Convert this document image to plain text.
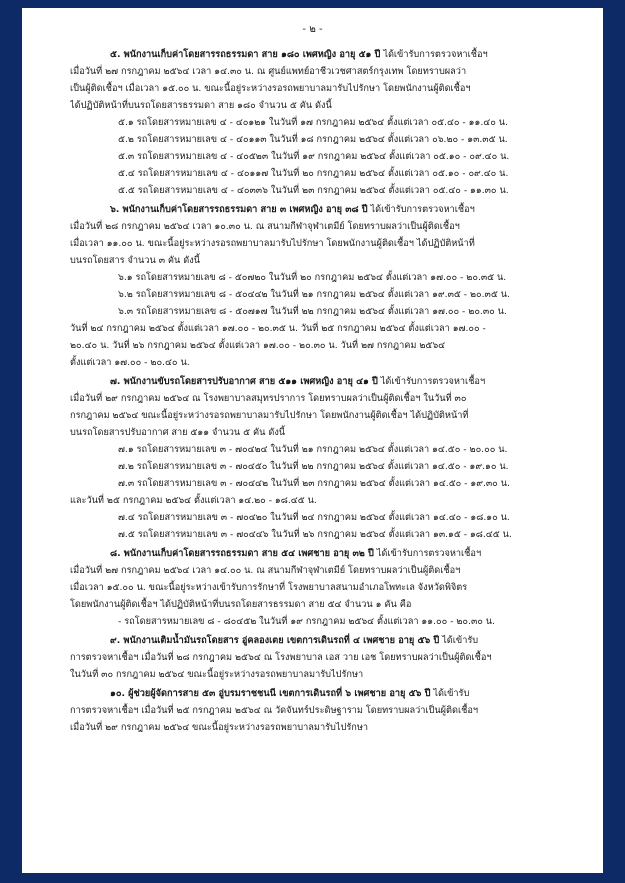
- ๒ -
๕. พนักงานเก็บค่าโดยสารรถธรรมดา สาย ๑๘๐ เพศหญิง อายุ ๕๑ ปี ได้เข้ารับการตรวจหาเชื้อฯ
เมื่อวันที่ ๒๗ กรกฎาคม ๒๕๖๔ เวลา ๑๔.๓๐ น. ณ ศูนย์แพทย์อาชีวเวชศาสตร์กรุงเทพ โดยทราบผลว่า
เป็นผู้ติดเชื้อฯ เมื่อเวลา ๑๕.๐๐ น. ขณะนี้อยู่ระหว่างรอรถพยาบาลมารับไปรักษา โดยพนักงานผู้ติดเชื้อฯ
ได้ปฏิบัติหน้าที่บนรถโดยสารธรรมดา สาย ๑๘๐ จำนวน ๕ คัน ดังนี้
๕.๑ รถโดยสารหมายเลข ๔ - ๔๐๑๒๑ ในวันที่ ๑๗ กรกฎาคม ๒๕๖๔ ตั้งแต่เวลา ๐๕.๔๐ - ๑๑.๔๐ น.
๕.๒ รถโดยสารหมายเลข ๔ - ๔๐๑๑๓ ในวันที่ ๑๘ กรกฎาคม ๒๕๖๔ ตั้งแต่เวลา ๐๖.๒๐ - ๑๓.๓๕ น.
๕.๓ รถโดยสารหมายเลข ๔ - ๔๐๕๒๓ ในวันที่ ๑๙ กรกฎาคม ๒๕๖๔ ตั้งแต่เวลา ๐๕.๑๐ - ๐๙.๔๐ น.
๕.๔ รถโดยสารหมายเลข ๔ - ๔๐๑๑๗ ในวันที่ ๒๐ กรกฎาคม ๒๕๖๔ ตั้งแต่เวลา ๐๕.๑๐ - ๐๙.๔๐ น.
๕.๕ รถโดยสารหมายเลข ๔ - ๔๐๓๓๖ ในวันที่ ๒๓ กรกฎาคม ๒๕๖๔ ตั้งแต่เวลา ๐๕.๔๐ - ๑๑.๓๐ น.
๖. พนักงานเก็บค่าโดยสารรถธรรมดา สาย ๓ เพศหญิง อายุ ๓๘ ปี ได้เข้ารับการตรวจหาเชื้อฯ
เมื่อวันที่ ๒๘ กรกฎาคม ๒๕๖๔ เวลา ๑๐.๓๐ น. ณ สนามกีฬาจุฬาเตมีย์ โดยทราบผลว่าเป็นผู้ติดเชื้อฯ
เมื่อเวลา ๑๑.๐๐ น. ขณะนี้อยู่ระหว่างรอรถพยาบาลมารับไปรักษา โดยพนักงานผู้ติดเชื้อฯ ได้ปฏิบัติหน้าที่
บนรถโดยสาร จำนวน ๓ คัน ดังนี้
๖.๑ รถโดยสารหมายเลข ๘ - ๕๐๗๒๐ ในวันที่ ๒๐ กรกฎาคม ๒๕๖๔ ตั้งแต่เวลา ๑๗.๐๐ - ๒๐.๓๕ น.
๖.๒ รถโดยสารหมายเลข ๘ - ๕๐๔๔๒ ในวันที่ ๒๑ กรกฎาคม ๒๕๖๔ ตั้งแต่เวลา ๑๙.๓๕ - ๒๐.๓๕ น.
๖.๓ รถโดยสารหมายเลข ๘ - ๕๐๗๑๗ ในวันที่ ๒๒ กรกฎาคม ๒๕๖๔ ตั้งแต่เวลา ๑๗.๐๐ - ๒๐.๓๐ น.
วันที่ ๒๔ กรกฎาคม ๒๕๖๔ ตั้งแต่เวลา ๑๗.๐๐ - ๒๐.๓๕ น. วันที่ ๒๕ กรกฎาคม ๒๕๖๔ ตั้งแต่เวลา ๑๗.๐๐ -
๒๐.๔๐ น. วันที่ ๒๖ กรกฎาคม ๒๕๖๔ ตั้งแต่เวลา ๑๗.๐๐ - ๒๐.๓๐ น. วันที่ ๒๗ กรกฎาคม ๒๕๖๔
ตั้งแต่เวลา ๑๗.๐๐ - ๒๐.๔๐ น.
๗. พนักงานขับรถโดยสารปรับอากาศ สาย ๕๑๑ เพศหญิง อายุ ๔๑ ปี ได้เข้ารับการตรวจหาเชื้อฯ
เมื่อวันที่ ๒๙ กรกฎาคม ๒๕๖๔ ณ โรงพยาบาลสมุทรปราการ โดยทราบผลว่าเป็นผู้ติดเชื้อฯ ในวันที่ ๓๐
กรกฎาคม ๒๕๖๔ ขณะนี้อยู่ระหว่างรอรถพยาบาลมารับไปรักษา โดยพนักงานผู้ติดเชื้อฯ ได้ปฏิบัติหน้าที่
บนรถโดยสารปรับอากาศ สาย ๕๑๑ จำนวน ๕ คัน ดังนี้
๗.๑ รถโดยสารหมายเลข ๓ - ๗๐๔๒๔ ในวันที่ ๒๑ กรกฎาคม ๒๕๖๔ ตั้งแต่เวลา ๑๔.๕๐ - ๒๐.๐๐ น.
๗.๒ รถโดยสารหมายเลข ๓ - ๗๐๔๕๐ ในวันที่ ๒๒ กรกฎาคม ๒๕๖๔ ตั้งแต่เวลา ๑๔.๕๐ - ๑๙.๑๐ น.
๗.๓ รถโดยสารหมายเลข ๓ - ๗๐๔๔๒ ในวันที่ ๒๓ กรกฎาคม ๒๕๖๔ ตั้งแต่เวลา ๑๔.๕๐ - ๑๙.๓๐ น.
และวันที่ ๒๕ กรกฎาคม ๒๕๖๔ ตั้งแต่เวลา ๑๔.๒๐ - ๑๘.๔๕ น.
๗.๔ รถโดยสารหมายเลข ๓ - ๗๐๔๒๐ ในวันที่ ๒๔ กรกฎาคม ๒๕๖๔ ตั้งแต่เวลา ๑๔.๔๐ - ๑๘.๑๐ น.
๗.๕ รถโดยสารหมายเลข ๓ - ๗๐๔๔๖ ในวันที่ ๒๖ กรกฎาคม ๒๕๖๔ ตั้งแต่เวลา ๑๓.๑๕ - ๑๘.๔๕ น.
๘. พนักงานเก็บค่าโดยสารรถธรรมดา สาย ๕๔ เพศชาย อายุ ๓๒ ปี ได้เข้ารับการตรวจหาเชื้อฯ
เมื่อวันที่ ๒๗ กรกฎาคม ๒๕๖๔ เวลา ๑๔.๐๐ น. ณ สนามกีฬาจุฬาเตมีย์ โดยทราบผลว่าเป็นผู้ติดเชื้อฯ
เมื่อเวลา ๑๕.๐๐ น. ขณะนี้อยู่ระหว่างเข้ารับการรักษาที่ โรงพยาบาลสนามอำเภอโพทะเล จังหวัดพิจิตร
โดยพนักงานผู้ติดเชื้อฯ ได้ปฏิบัติหน้าที่บนรถโดยสารธรรมดา สาย ๕๔ จำนวน ๑ คัน คือ
- รถโดยสารหมายเลข ๘ - ๘๐๔๕๒ ในวันที่ ๑๙ กรกฎาคม ๒๕๖๔ ตั้งแต่เวลา ๑๑.๐๐ - ๒๐.๓๐ น.
๙. พนักงานเติมน้ำมันรถโดยสาร อู่คลองเตย เขตการเดินรถที่ ๔ เพศชาย อายุ ๕๖ ปี ได้เข้ารับ
การตรวจหาเชื้อฯ เมื่อวันที่ ๒๘ กรกฎาคม ๒๕๖๔ ณ โรงพยาบาล เอส วาย เอช โดยทราบผลว่าเป็นผู้ติดเชื้อฯ
ในวันที่ ๓๐ กรกฎาคม ๒๕๖๔ ขณะนี้อยู่ระหว่างรอรถพยาบาลมารับไปรักษา
๑๐. ผู้ช่วยผู้จัดการสาย ๕๓ อู่บรมราชชนนี เขตการเดินรถที่ ๖ เพศชาย อายุ ๕๖ ปี ได้เข้ารับ
การตรวจหาเชื้อฯ เมื่อวันที่ ๒๕ กรกฎาคม ๒๕๖๔ ณ วัดจันทร์ประดิษฐาราม โดยทราบผลว่าเป็นผู้ติดเชื้อฯ
เมื่อวันที่ ๒๙ กรกฎาคม ๒๕๖๔ ขณะนี้อยู่ระหว่างรอรถพยาบาลมารับไปรักษา
